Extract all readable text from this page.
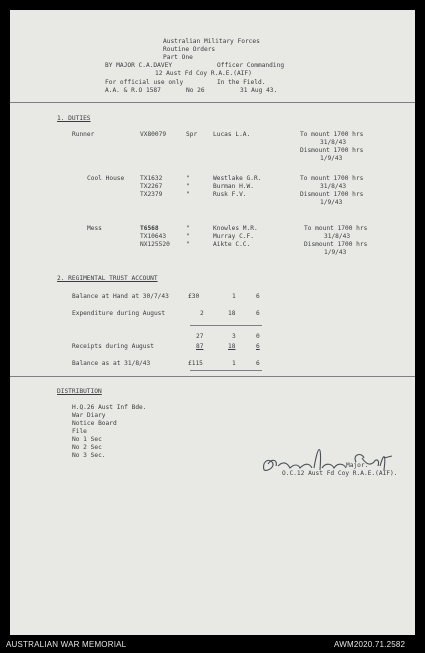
Australian Military Forces
Routine Orders
Part One
BY MAJOR C.A.DAVEY	Officer Commanding
12 Aust Fd Coy R.A.E.(AIF)
For official use only	In the Field.
A.A. & R.O 1587	No 26	31 Aug 43.
1. DUTIES
Runner	VX80079	Spr	Lucas L.A.	To mount 1700 hrs
31/8/43
Dismount 1700 hrs
1/9/43
Cool House	TX1632	"	Westlake G.R.
TX2267	"	Burman H.W.
TX2379	"	Rusk F.V.
To mount 1700 hrs
31/8/43
Dismount 1700 hrs
1/9/43
Mess	T6568	"	Knowles M.R.
TX10643	"	Murray C.F.
NX125520	"	Aikte C.C.
To mount 1700 hrs
31/8/43
Dismount 1700 hrs
1/9/43
2. REGIMENTAL TRUST ACCOUNT
Balance at Hand at 30/7/43	£30	1	6
Expenditure during August	2	18	6
27	3	0
Receipts during August	87	18	6
Balance as at 31/8/43	£115	1	6
DISTRIBUTION
H.Q.26 Aust Inf Bde.
War Diary
Notice Board
File
No 1 Sec
No 2 Sec
No 3 Sec.
Major.
O.C.12 Aust Fd Coy R.A.E.(AIF).
AUSTRALIAN WAR MEMORIAL	AWM2020.71.2582
